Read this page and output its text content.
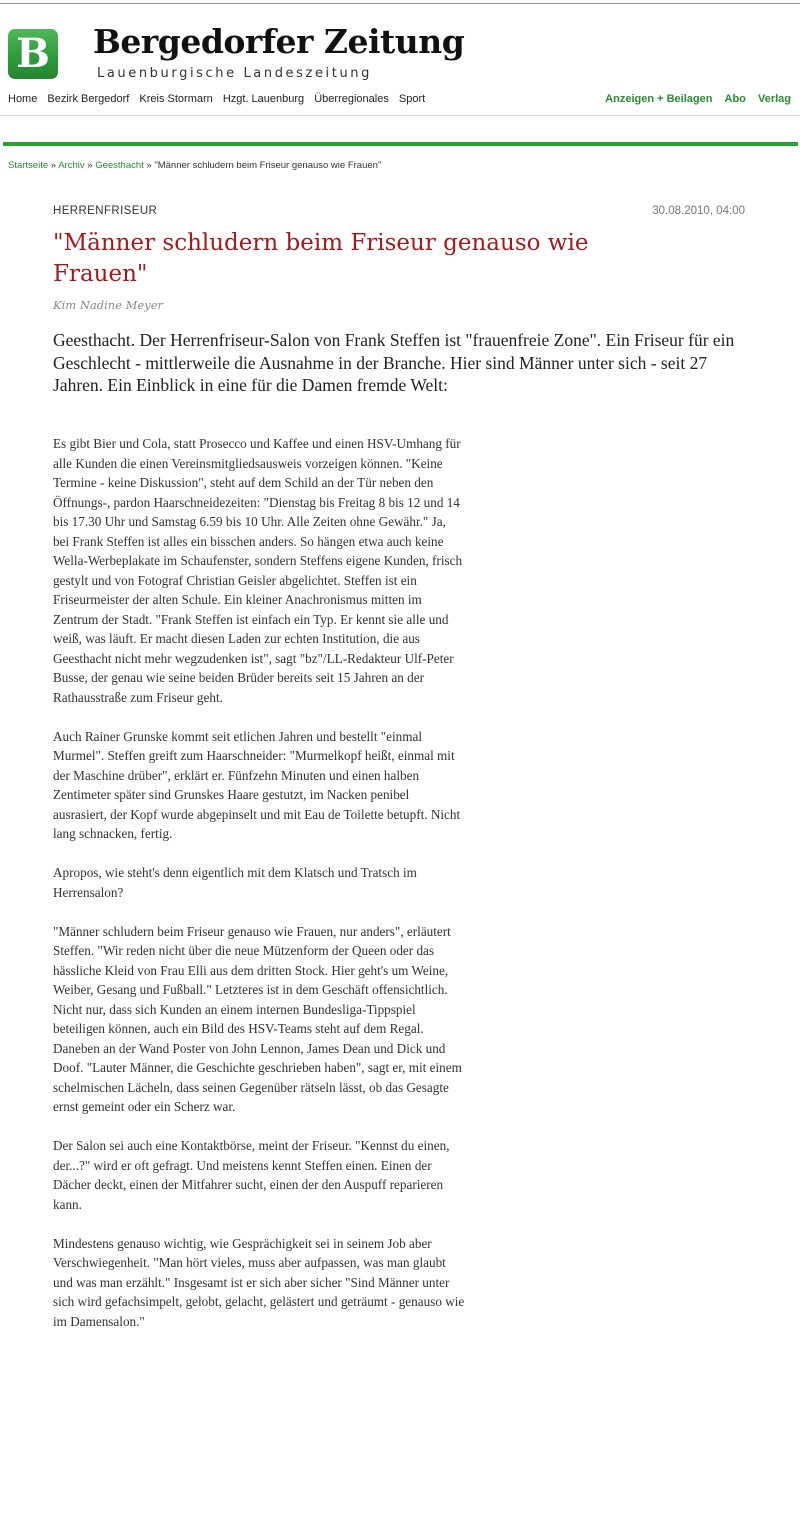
B Bergedorfer Zeitung
Lauenburgische Landeszeitung
Home Bezirk Bergedorf Kreis Stormarn Hzgt. Lauenburg Überregionales Sport	Anzeigen + Beilagen Abo Verlag
Startseite » Archiv » Geesthacht » "Männer schludern beim Friseur genauso wie Frauen"
HERRENFRISEUR	30.08.2010, 04:00
"Männer schludern beim Friseur genauso wie Frauen"
Kim Nadine Meyer

Geesthacht. Der Herrenfriseur-Salon von Frank Steffen ist "frauenfreie Zone". Ein Friseur für ein Geschlecht - mittlerweile die Ausnahme in der Branche. Hier sind Männer unter sich - seit 27 Jahren. Ein Einblick in eine für die Damen fremde Welt:

Es gibt Bier und Cola, statt Prosecco und Kaffee und einen HSV-Umhang für alle Kunden die einen Vereinsmitgliedsausweis vorzeigen können. "Keine Termine - keine Diskussion", steht auf dem Schild an der Tür neben den Öffnungs-, pardon Haarschneidezeiten: "Dienstag bis Freitag 8 bis 12 und 14 bis 17.30 Uhr und Samstag 6.59 bis 10 Uhr. Alle Zeiten ohne Gewähr." Ja, bei Frank Steffen ist alles ein bisschen anders. So hängen etwa auch keine Wella-Werbeplakate im Schaufenster, sondern Steffens eigene Kunden, frisch gestylt und von Fotograf Christian Geisler abgelichtet. Steffen ist ein Friseurmeister der alten Schule. Ein kleiner Anachronismus mitten im Zentrum der Stadt. "Frank Steffen ist einfach ein Typ. Er kennt sie alle und weiß, was läuft. Er macht diesen Laden zur echten Institution, die aus Geesthacht nicht mehr wegzudenken ist", sagt "bz"/LL-Redakteur Ulf-Peter Busse, der genau wie seine beiden Brüder bereits seit 15 Jahren an der Rathausstraße zum Friseur geht.

Auch Rainer Grunske kommt seit etlichen Jahren und bestellt "einmal Murmel". Steffen greift zum Haarschneider: "Murmelkopf heißt, einmal mit der Maschine drüber", erklärt er. Fünfzehn Minuten und einen halben Zentimeter später sind Grunskes Haare gestutzt, im Nacken penibel ausrasiert, der Kopf wurde abgepinselt und mit Eau de Toilette betupft. Nicht lang schnacken, fertig.

Apropos, wie steht's denn eigentlich mit dem Klatsch und Tratsch im Herrensalon?

"Männer schludern beim Friseur genauso wie Frauen, nur anders", erläutert Steffen. "Wir reden nicht über die neue Mützenform der Queen oder das hässliche Kleid von Frau Elli aus dem dritten Stock. Hier geht's um Weine, Weiber, Gesang und Fußball." Letzteres ist in dem Geschäft offensichtlich. Nicht nur, dass sich Kunden an einem internen Bundesliga-Tippspiel beteiligen können, auch ein Bild des HSV-Teams steht auf dem Regal. Daneben an der Wand Poster von John Lennon, James Dean und Dick und Doof. "Lauter Männer, die Geschichte geschrieben haben", sagt er, mit einem schelmischen Lächeln, dass seinen Gegenüber rätseln lässt, ob das Gesagte ernst gemeint oder ein Scherz war.

Der Salon sei auch eine Kontaktbörse, meint der Friseur. "Kennst du einen, der...?" wird er oft gefragt. Und meistens kennt Steffen einen. Einen der Dächer deckt, einen der Mitfahrer sucht, einen der den Auspuff reparieren kann.

Mindestens genauso wichtig, wie Gesprächigkeit sei in seinem Job aber Verschwiegenheit. "Man hört vieles, muss aber aufpassen, was man glaubt und was man erzählt." Insgesamt ist er sich aber sicher "Sind Männer unter sich wird gefachsimpelt, gelobt, gelacht, gelästert und geträumt - genauso wie im Damensalon."
